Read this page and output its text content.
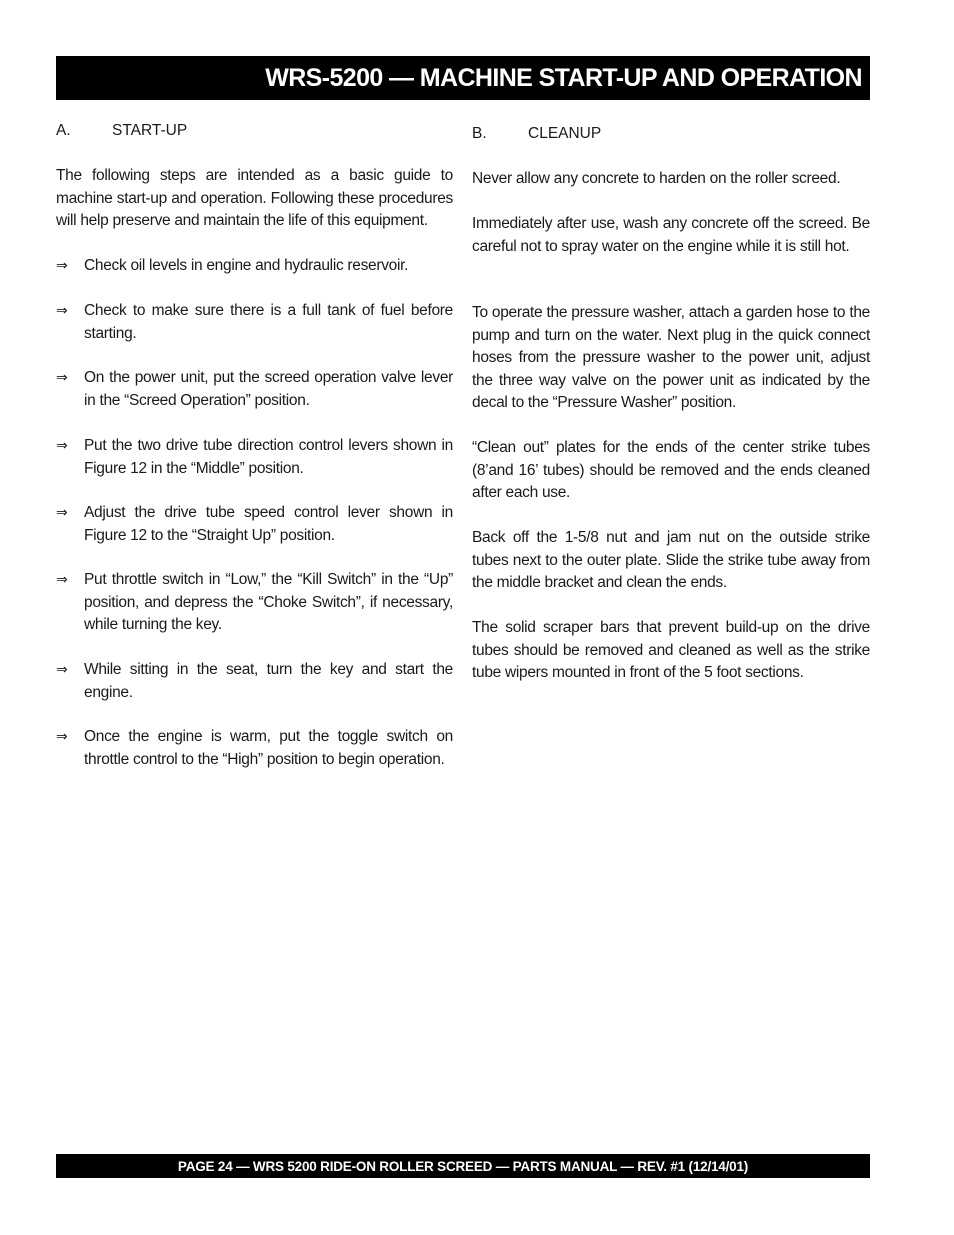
WRS-5200 — MACHINE START-UP AND OPERATION
A.	START-UP

The following steps are intended as a basic guide to machine start-up and operation. Following these procedures will help preserve and maintain the life of this equipment.

⇒	Check oil levels in engine and hydraulic reservoir.
⇒	Check to make sure there is a full tank of fuel before starting.
⇒	On the power unit, put the screed operation valve lever in the “Screed Operation” position.
⇒	Put the two drive tube direction control levers shown in Figure 12 in the “Middle” position.
⇒	Adjust the drive tube speed control lever shown in Figure 12 to the “Straight Up” position.
⇒	Put throttle switch in “Low,” the “Kill Switch” in the “Up” position, and depress the “Choke Switch”, if necessary, while turning the key.
⇒	While sitting in the seat, turn the key and start the engine.
⇒	Once the engine is warm, put the toggle switch on throttle control to the “High” position to begin operation.
B.	CLEANUP

Never allow any concrete to harden on the roller screed.

Immediately after use, wash any concrete off the screed. Be careful not to spray water on the engine while it is still hot.

To operate the pressure washer, attach a garden hose to the pump and turn on the water. Next plug in the quick connect hoses from the pressure washer to the power unit, adjust the three way valve on the power unit as indicated by the decal to the “Pressure Washer” position.

“Clean out” plates for the ends of the center strike tubes (8’and 16’ tubes) should be removed and the ends cleaned after each use.

Back off the 1-5/8 nut and jam nut on the outside strike tubes next to the outer plate. Slide the strike tube away from the middle bracket and clean the ends.

The solid scraper bars that prevent build-up on the drive tubes should be removed and cleaned as well as the strike tube wipers mounted in front of the 5 foot sections.

PAGE 24 — WRS 5200 RIDE-ON ROLLER SCREED — PARTS MANUAL — REV. #1 (12/14/01)
